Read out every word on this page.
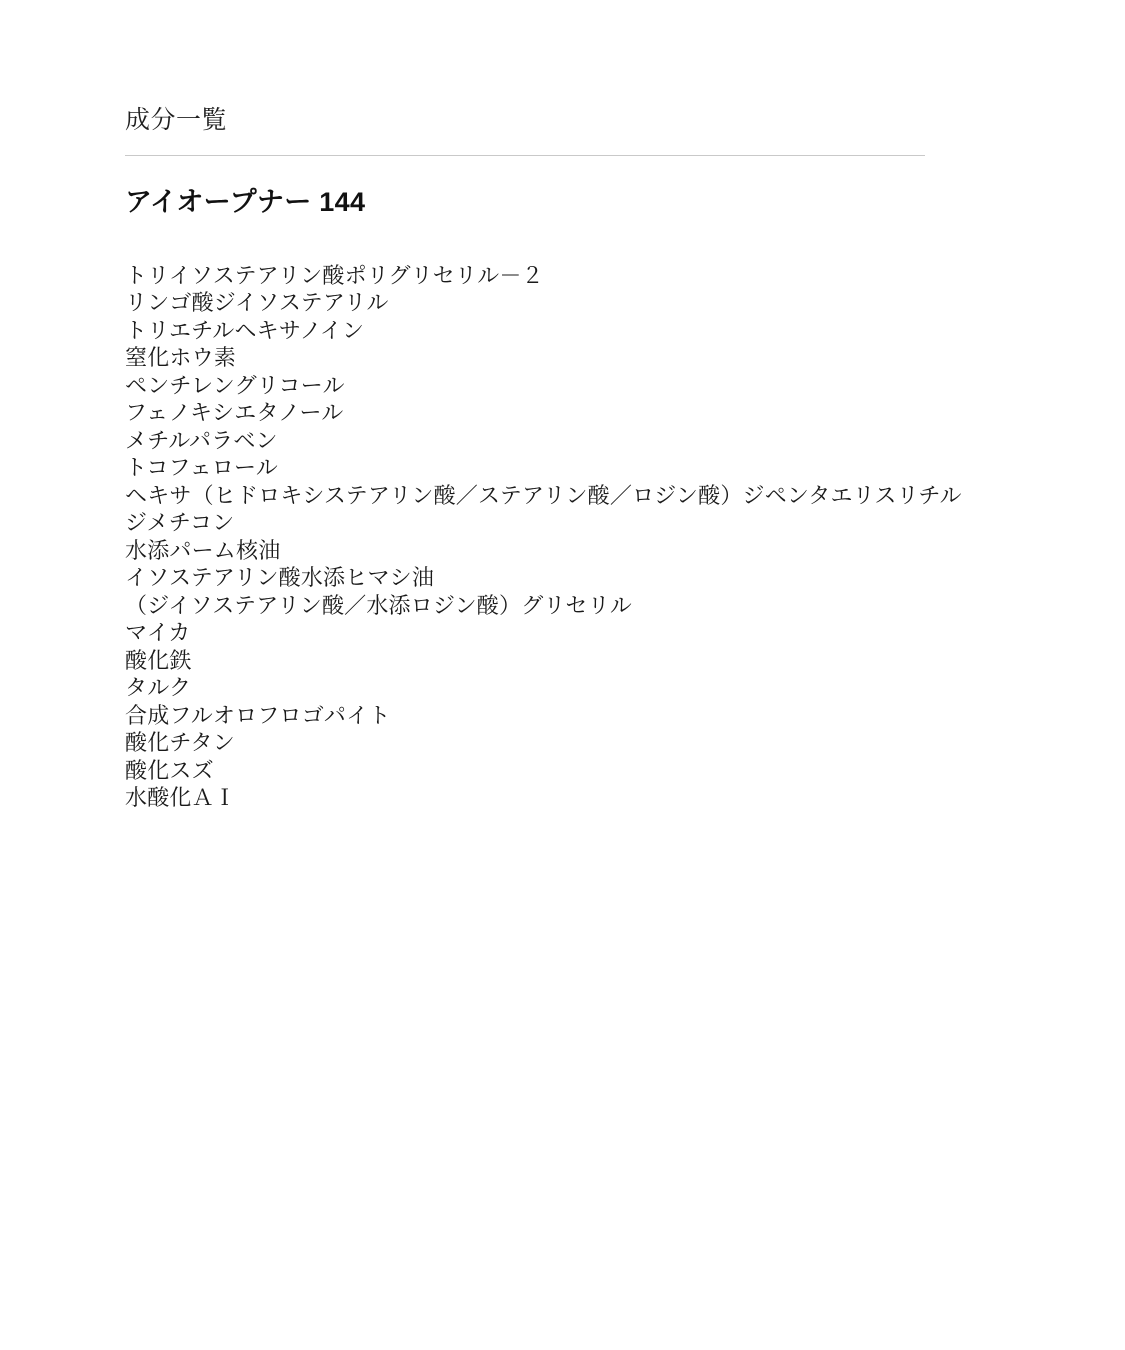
成分一覧
アイオープナー 144
トリイソステアリン酸ポリグリセリル－２
リンゴ酸ジイソステアリル
トリエチルヘキサノイン
窒化ホウ素
ペンチレングリコール
フェノキシエタノール
メチルパラベン
トコフェロール
ヘキサ（ヒドロキシステアリン酸／ステアリン酸／ロジン酸）ジペンタエリスリチル
ジメチコン
水添パーム核油
イソステアリン酸水添ヒマシ油
（ジイソステアリン酸／水添ロジン酸）グリセリル
マイカ
酸化鉄
タルク
合成フルオロフロゴパイト
酸化チタン
酸化スズ
水酸化ＡＩ
